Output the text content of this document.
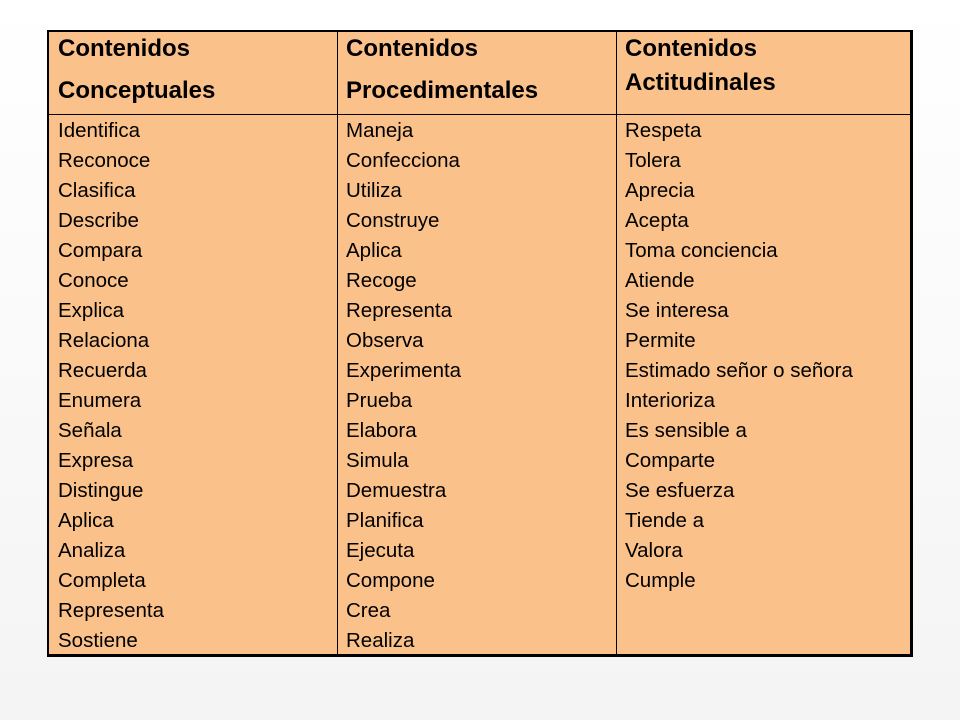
Contenidos
Conceptuales
Contenidos
Procedimentales
Contenidos
Actitudinales
Identifica
Reconoce
Clasifica
Describe
Compara
Conoce
Explica
Relaciona
Recuerda
Enumera
Señala
Expresa
Distingue
Aplica
Analiza
Completa
Representa
Sostiene
Maneja
Confecciona
Utiliza
Construye
Aplica
Recoge
Representa
Observa
Experimenta
Prueba
Elabora
Simula
Demuestra
Planifica
Ejecuta
Compone
Crea
Realiza
Respeta
Tolera
Aprecia
Acepta
Toma conciencia
Atiende
Se interesa
Permite
Estimado señor o señora
Interioriza
Es sensible a
Comparte
Se esfuerza
Tiende a
Valora
Cumple
